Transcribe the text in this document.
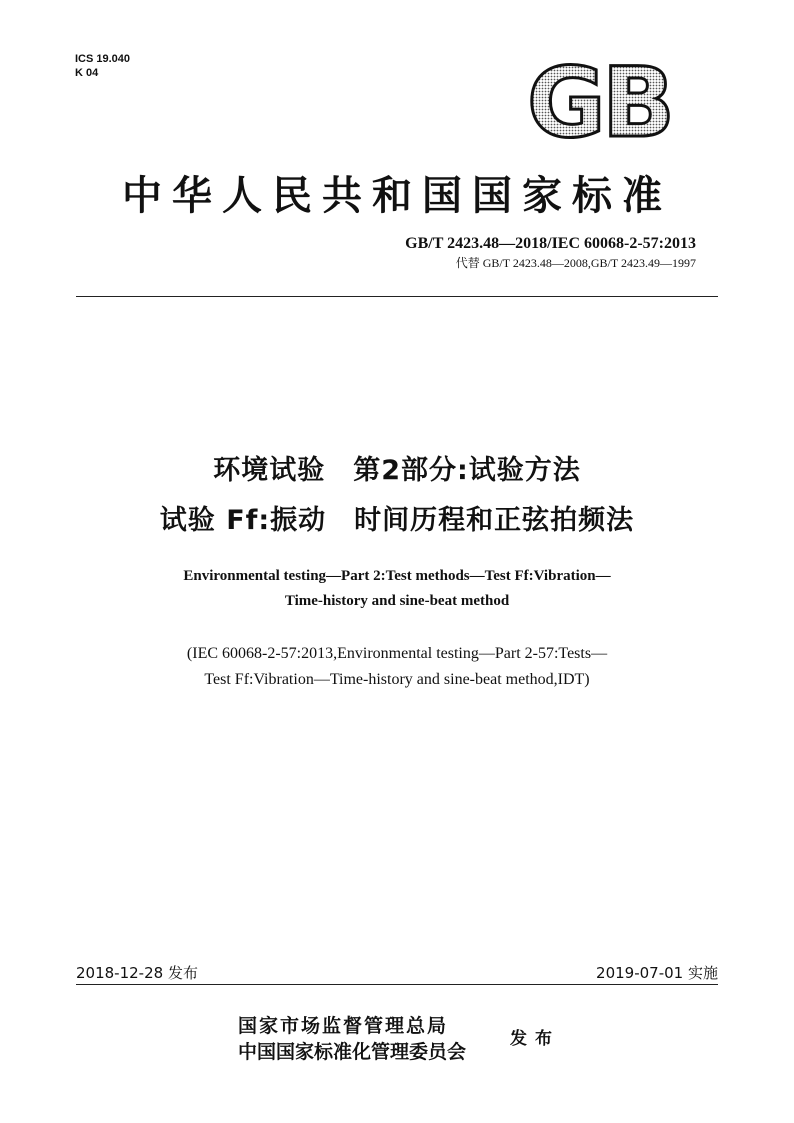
ICS 19.040
K 04	GB
中华人民共和国国家标准
GB/T 2423.48—2018/IEC 60068-2-57:2013
代替 GB/T 2423.48—2008,GB/T 2423.49—1997
环境试验　第2部分:试验方法
试验 Ff:振动　时间历程和正弦拍频法
Environmental testing—Part 2:Test methods—Test Ff:Vibration—
Time-history and sine-beat method
(IEC 60068-2-57:2013,Environmental testing—Part 2-57:Tests—
Test Ff:Vibration—Time-history and sine-beat method,IDT)
2018-12-28 发布	2019-07-01 实施
国家市场监督管理总局
中国国家标准化管理委员会
发布
